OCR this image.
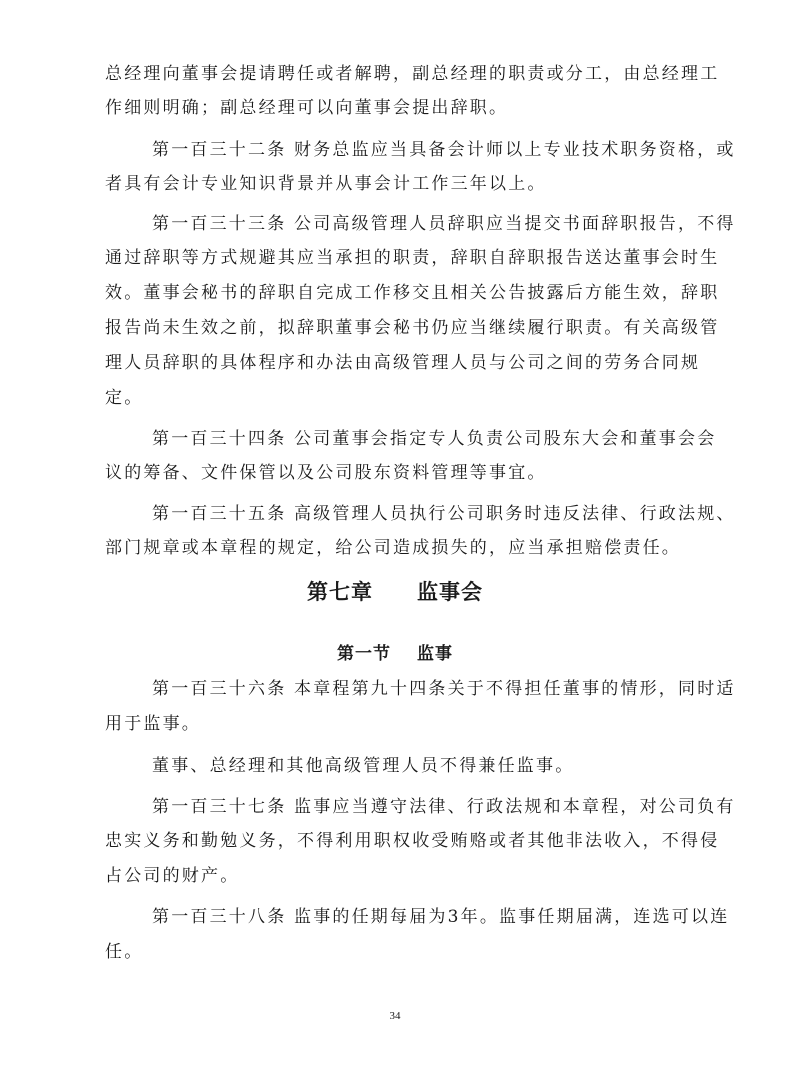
总经理向董事会提请聘任或者解聘，副总经理的职责或分工，由总经理工
作细则明确；副总经理可以向董事会提出辞职。
第一百三十二条 财务总监应当具备会计师以上专业技术职务资格，或
者具有会计专业知识背景并从事会计工作三年以上。
第一百三十三条 公司高级管理人员辞职应当提交书面辞职报告，不得
通过辞职等方式规避其应当承担的职责，辞职自辞职报告送达董事会时生
效。董事会秘书的辞职自完成工作移交且相关公告披露后方能生效，辞职
报告尚未生效之前，拟辞职董事会秘书仍应当继续履行职责。有关高级管
理人员辞职的具体程序和办法由高级管理人员与公司之间的劳务合同规
定。
第一百三十四条 公司董事会指定专人负责公司股东大会和董事会会
议的筹备、文件保管以及公司股东资料管理等事宜。
第一百三十五条 高级管理人员执行公司职务时违反法律、行政法规、
部门规章或本章程的规定，给公司造成损失的，应当承担赔偿责任。
第七章 监事会
第一节 监事
第一百三十六条 本章程第九十四条关于不得担任董事的情形，同时适
用于监事。
董事、总经理和其他高级管理人员不得兼任监事。
第一百三十七条 监事应当遵守法律、行政法规和本章程，对公司负有
忠实义务和勤勉义务，不得利用职权收受贿赂或者其他非法收入，不得侵
占公司的财产。
第一百三十八条 监事的任期每届为3年。监事任期届满，连选可以连
任。
34
